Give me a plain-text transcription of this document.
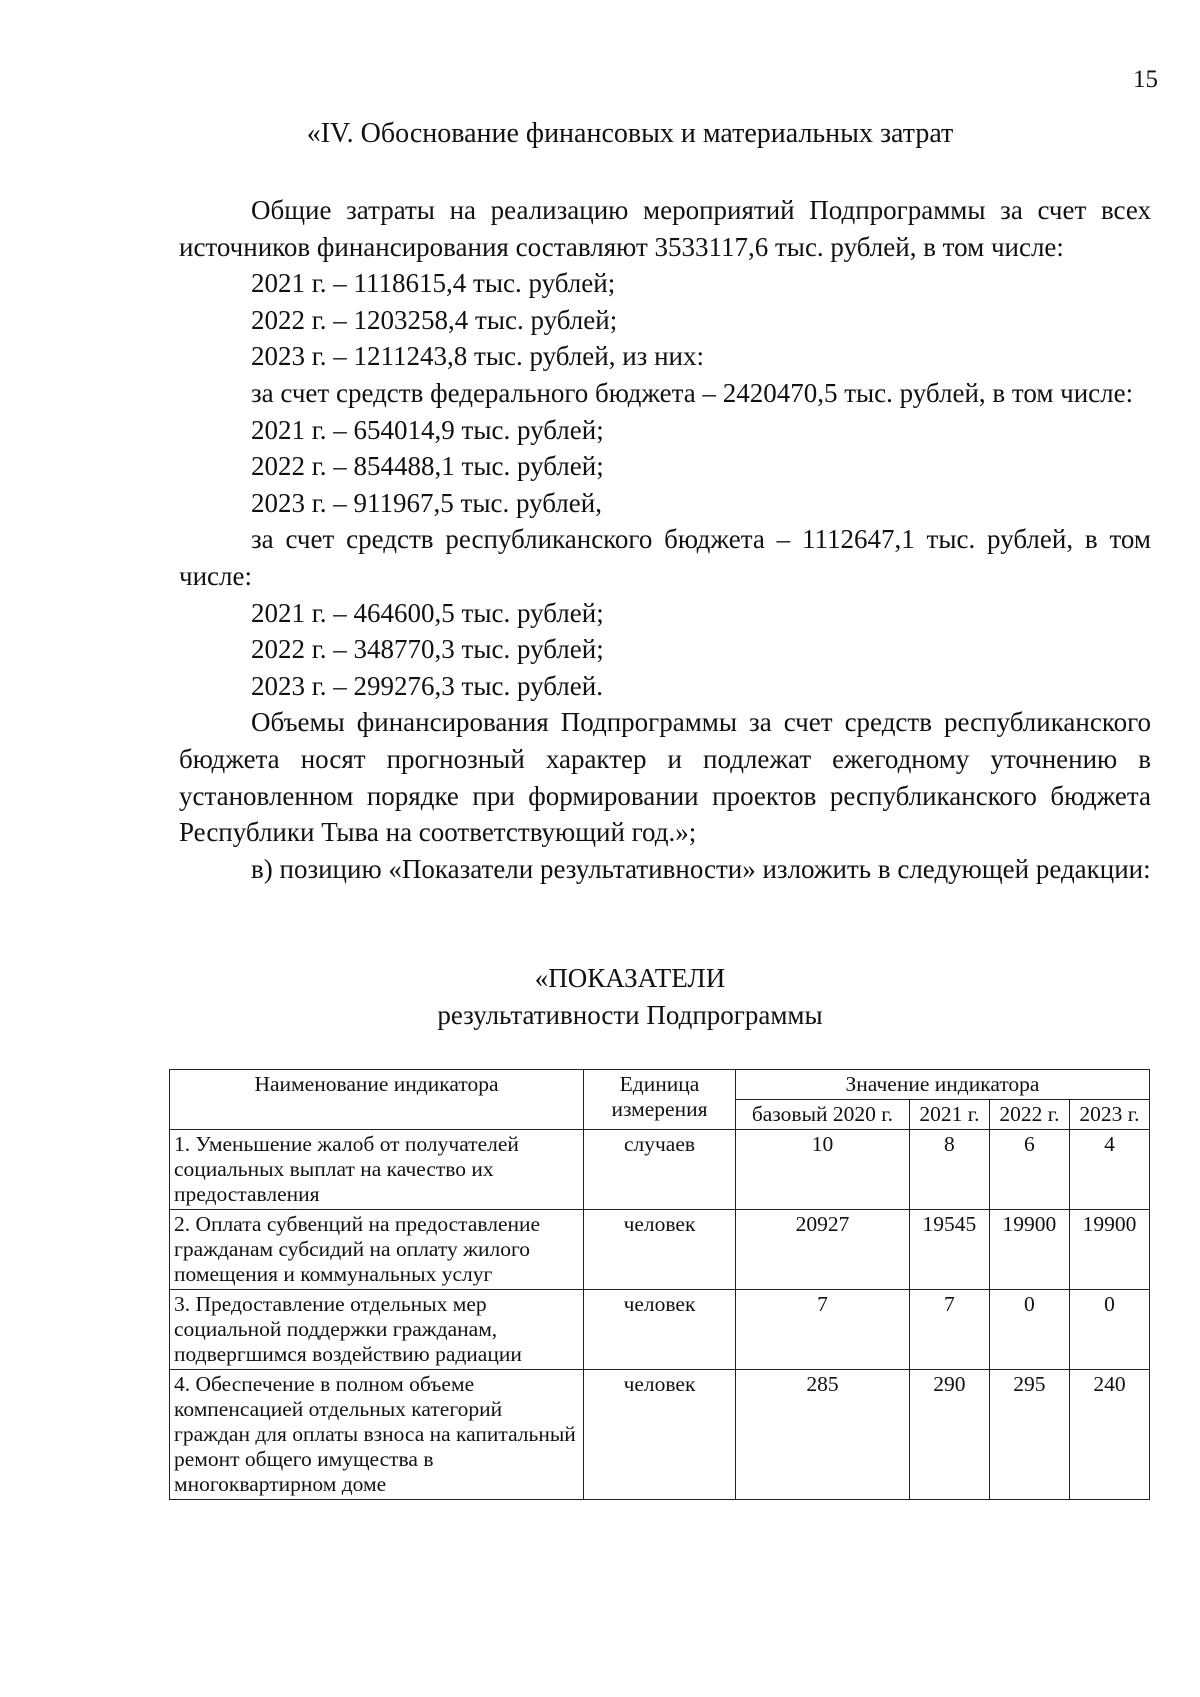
15
«IV. Обоснование финансовых и материальных затрат

Общие затраты на реализацию мероприятий Подпрограммы за счет всех источников финансирования составляют 3533117,6 тыс. рублей, в том числе:

2021 г. – 1118615,4 тыс. рублей;

2022 г. – 1203258,4 тыс. рублей;

2023 г. – 1211243,8 тыс. рублей, из них:

за счет средств федерального бюджета – 2420470,5 тыс. рублей, в том числе:

2021 г. – 654014,9 тыс. рублей;

2022 г. – 854488,1 тыс. рублей;

2023 г. – 911967,5 тыс. рублей,

за счет средств республиканского бюджета – 1112647,1 тыс. рублей, в том числе:

2021 г. – 464600,5 тыс. рублей;

2022 г. – 348770,3 тыс. рублей;

2023 г. – 299276,3 тыс. рублей.

Объемы финансирования Подпрограммы за счет средств республиканского бюджета носят прогнозный характер и подлежат ежегодному уточнению в установленном порядке при формировании проектов республиканского бюджета Республики Тыва на соответствующий год.»;

в) позицию «Показатели результативности» изложить в следующей редакции:

«ПОКАЗАТЕЛИ
результативности Подпрограммы
Наименование индикатора	Единица измерения	Значение индикатора			
		базовый 2020 г.	2021 г.	2022 г.	2023 г.
1. Уменьшение жалоб от получателей социальных выплат на качество их предоставления	случаев	10	8	6	4
2. Оплата субвенций на предоставление гражданам субсидий на оплату жилого помещения и коммунальных услуг	человек	20927	19545	19900	19900
3. Предоставление отдельных мер социальной поддержки гражданам, подвергшимся воздействию радиации	человек	7	7	0	0
4. Обеспечение в полном объеме компенсацией отдельных категорий граждан для оплаты взноса на капитальный ремонт общего имущества в многоквартирном доме	человек	285	290	295	240
